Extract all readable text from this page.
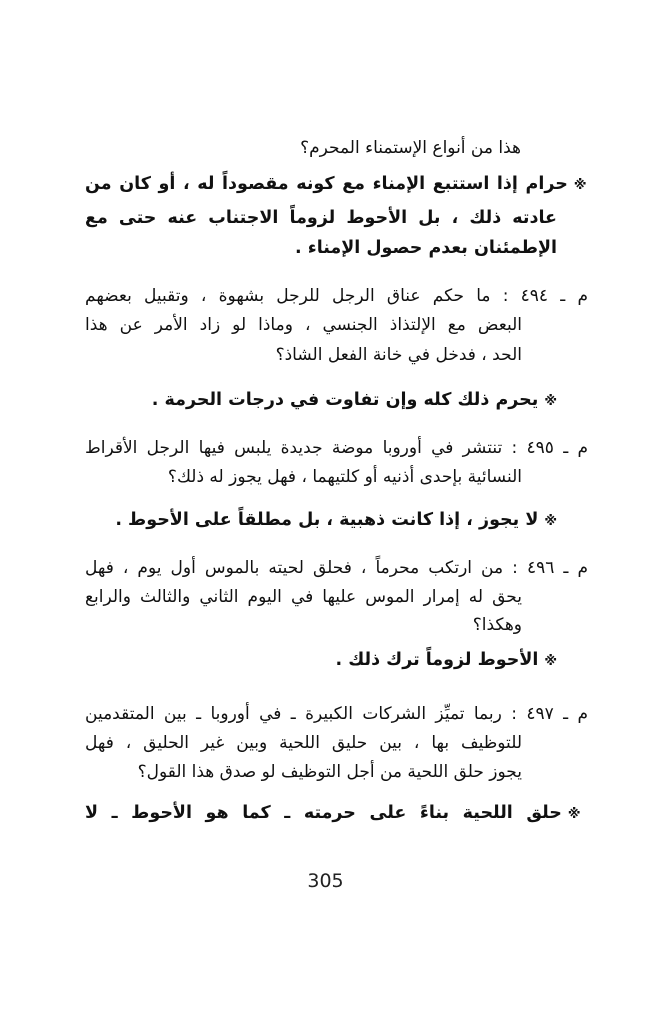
هذا من أنواع الإستمناء المحرم؟
※حرام إذا استتبع الإمناء مع كونه مقصوداً له ، أو كان من
عادته ذلك ، بل الأحوط لزوماً الاجتناب عنه حتى مع
الإطمئنان بعدم حصول الإمناء .
م ـ ٤٩٤ : ما حكم عناق الرجل للرجل بشهوة ، وتقبيل بعضهم
البعض مع الإلتذاذ الجنسي ، وماذا لو زاد الأمر عن هذا
الحد ، فدخل في خانة الفعل الشاذ؟
※يحرم ذلك كله وإن تفاوت في درجات الحرمة .
م ـ ٤٩٥ : تنتشر في أوروبا موضة جديدة يلبس فيها الرجل الأقراط
النسائية بإحدى أذنيه أو كلتيهما ، فهل يجوز له ذلك؟
※لا يجوز ، إذا كانت ذهبية ، بل مطلقاً على الأحوط .
م ـ ٤٩٦ : من ارتكب محرماً ، فحلق لحيته بالموس أول يوم ، فهل
يحق له إمرار الموس عليها في اليوم الثاني والثالث والرابع
وهكذا؟
※الأحوط لزوماً ترك ذلك .
م ـ ٤٩٧ : ربما تميِّز الشركات الكبيرة ـ في أوروبا ـ بين المتقدمين
للتوظيف بها ، بين حليق اللحية وبين غير الحليق ، فهل
يجوز حلق اللحية من أجل التوظيف لو صدق هذا القول؟
※حلق اللحية بناءً على حرمته ـ كما هو الأحوط ـ لا
305
